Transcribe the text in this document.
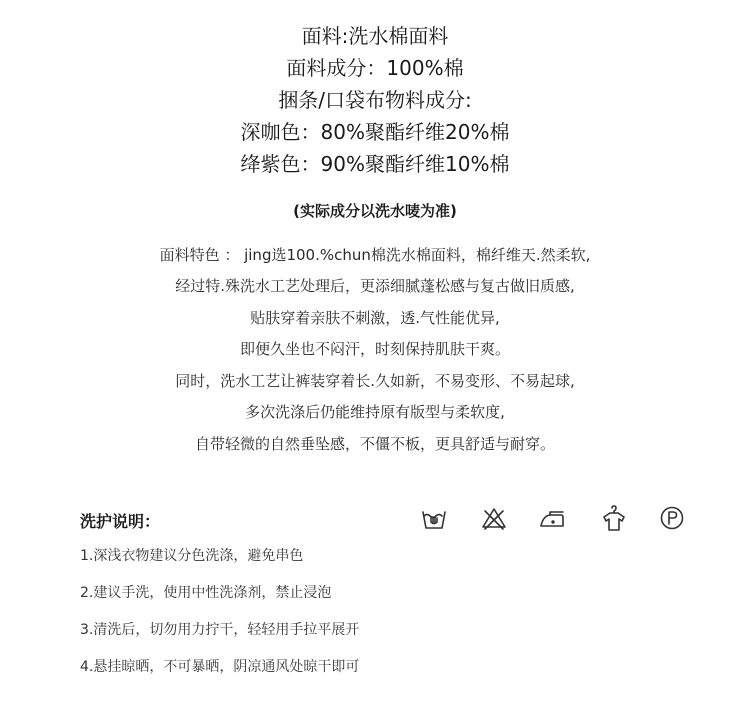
面料:洗水棉面料
面料成分：100%棉
捆条/口袋布物料成分:
深咖色：80%聚酯纤维20%棉
绛紫色：90%聚酯纤维10%棉
(实际成分以洗水唛为准)
面料特色 ： jing选100.%chun棉洗水棉面料，棉纤维天.然柔软,
经过特.殊洗水工艺处理后，更添细腻蓬松感与复古做旧质感,
贴肤穿着亲肤不刺激，透.气性能优异,
即便久坐也不闷汗，时刻保持肌肤干爽。
同时，洗水工艺让裤装穿着长.久如新，不易变形、不易起球,
多次洗涤后仍能维持原有版型与柔软度,
自带轻微的自然垂坠感，不僵不板，更具舒适与耐穿。
洗护说明：
1.深浅衣物建议分色洗涤，避免串色
2.建议手洗，使用中性洗涤剂，禁止浸泡
3.清洗后，切勿用力拧干，轻轻用手拉平展开
4.悬挂晾晒，不可暴晒，阴凉通风处晾干即可
